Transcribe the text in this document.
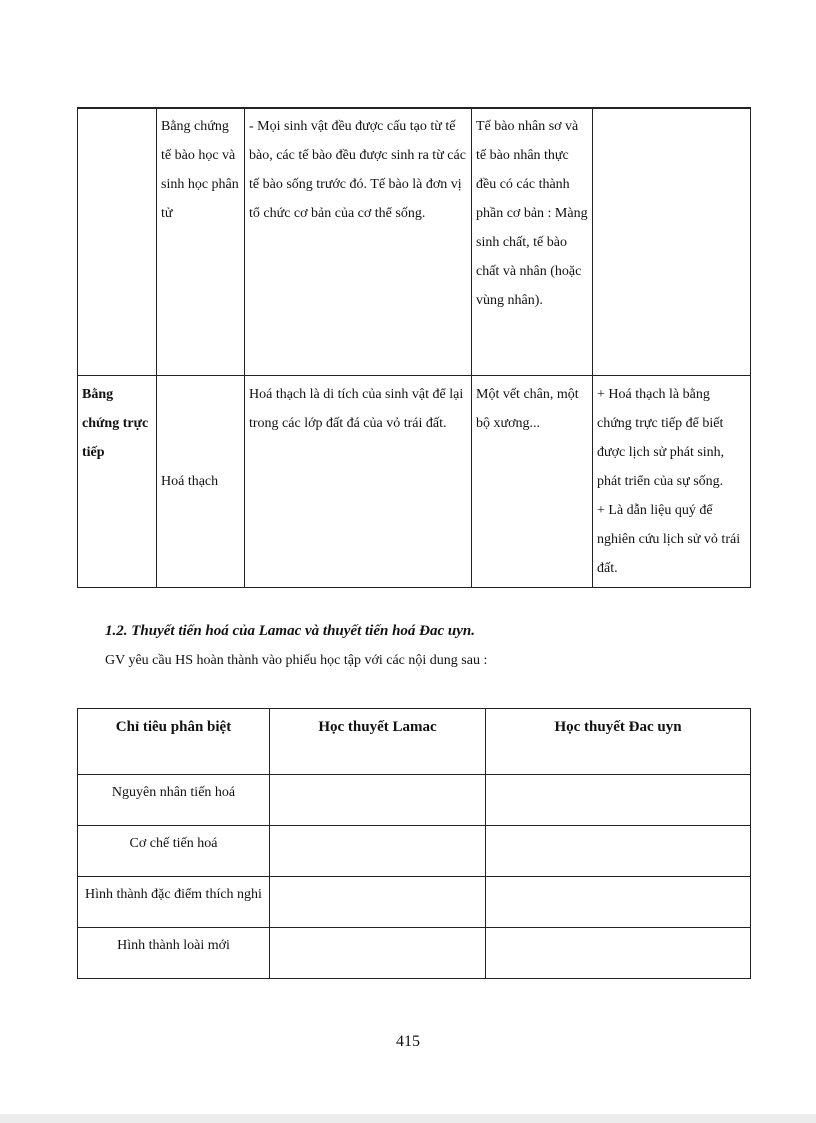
	Bằng chứng tế bào học và sinh học phân tử	- Mọi sinh vật đều được cấu tạo từ tế bào, các tế bào đều được sinh ra từ các tế bào sống trước đó. Tế bào là đơn vị tổ chức cơ bản của cơ thể sống.	Tế bào nhân sơ và tế bào nhân thực đều có các thành phần cơ bản : Màng sinh chất, tế bào chất và nhân (hoặc vùng nhân).	
Bằng chứng trực tiếp	Hoá thạch	Hoá thạch là di tích của sinh vật để lại trong các lớp đất đá của vỏ trái đất.	Một vết chân, một bộ xương...	+ Hoá thạch là bằng chứng trực tiếp để biết được lịch sử phát sinh, phát triển của sự sống.
+ Là dẫn liệu quý để nghiên cứu lịch sử vỏ trái đất.

1.2. Thuyết tiến hoá của Lamac và thuyết tiến hoá Đac uyn.

GV yêu cầu HS hoàn thành vào phiếu học tập với các nội dung sau :

Chỉ tiêu phân biệt	Học thuyết Lamac	Học thuyết Đac uyn
Nguyên nhân tiến hoá		
Cơ chế tiến hoá		
Hình thành đặc điểm thích nghi		
Hình thành loài mới		

415
